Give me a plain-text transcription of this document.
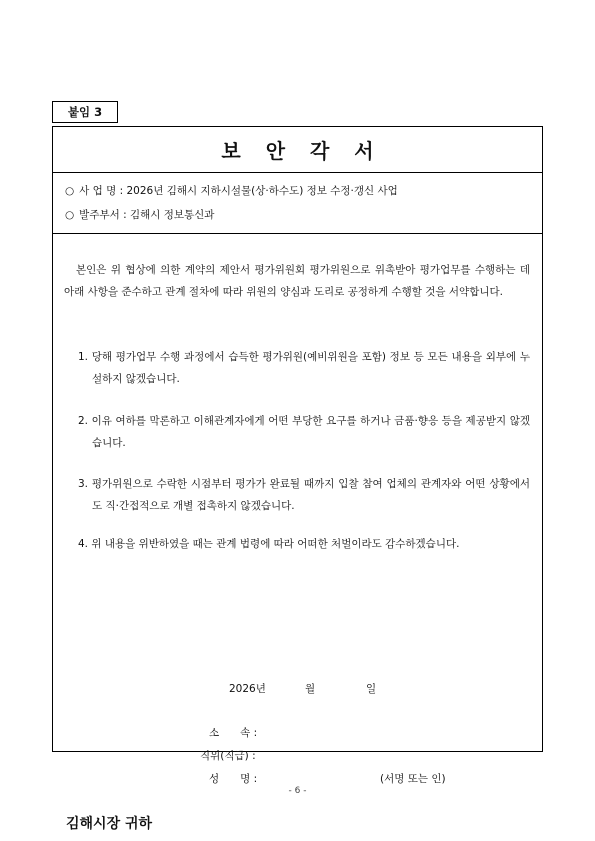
붙임 3
보 안 각 서
○ 사 업 명 : 2026년 김해시 지하시설물(상·하수도) 정보 수정·갱신 사업
○ 발주부서 : 김해시 정보통신과

본인은 위 협상에 의한 계약의 제안서 평가위원회 평가위원으로 위촉받아 평가업무를 수행하는 데 아래 사항을 준수하고 관계 절차에 따라 위원의 양심과 도리로 공정하게 수행할 것을 서약합니다.

1. 당해 평가업무 수행 과정에서 습득한 평가위원(예비위원을 포함) 정보 등 모든 내용을 외부에 누설하지 않겠습니다.

2. 이유 여하를 막론하고 이해관계자에게 어떤 부당한 요구를 하거나 금품·향응 등을 제공받지 않겠습니다.

3. 평가위원으로 수락한 시점부터 평가가 완료될 때까지 입찰 참여 업체의 관계자와 어떤 상황에서도 직·간접적으로 개별 접촉하지 않겠습니다.

4. 위 내용을 위반하였을 때는 관계 법령에 따라 어떠한 처벌이라도 감수하겠습니다.

2026년	월	일
소　　속 :
직위(직급) :
성　　명 :	(서명 또는 인)
김해시장 귀하
- 6 -
